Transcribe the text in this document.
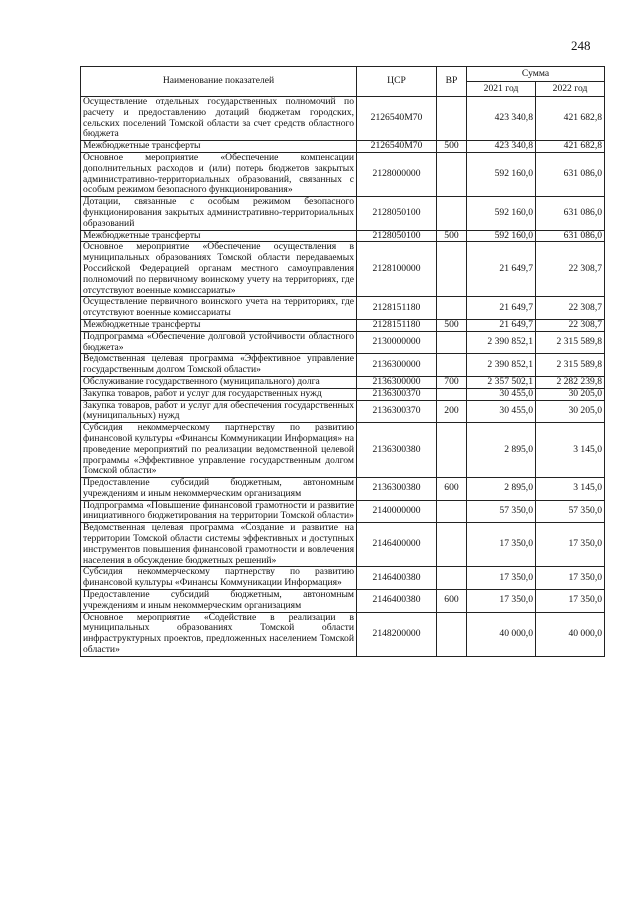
248
Наименование показателей	ЦСР	ВР	Сумма	
			2021 год	2022 год
Осуществление отдельных государственных полномочий по расчету и предоставлению дотаций бюджетам городских, сельских поселений Томской области за счет средств областного бюджета	2126540М70		423 340,8	421 682,8
Межбюджетные трансферты	2126540М70	500	423 340,8	421 682,8
Основное мероприятие «Обеспечение компенсации дополнительных расходов и (или) потерь бюджетов закрытых административно-территориальных образований, связанных с особым режимом безопасного функционирования»	2128000000		592 160,0	631 086,0
Дотации, связанные с особым режимом безопасного функционирования закрытых административно-территориальных образований	2128050100		592 160,0	631 086,0
Межбюджетные трансферты	2128050100	500	592 160,0	631 086,0
Основное мероприятие «Обеспечение осуществления в муниципальных образованиях Томской области передаваемых Российской Федерацией органам местного самоуправления полномочий по первичному воинскому учету на территориях, где отсутствуют военные комиссариаты»	2128100000		21 649,7	22 308,7
Осуществление первичного воинского учета на территориях, где отсутствуют военные комиссариаты	2128151180		21 649,7	22 308,7
Межбюджетные трансферты	2128151180	500	21 649,7	22 308,7
Подпрограмма «Обеспечение долговой устойчивости областного бюджета»	2130000000		2 390 852,1	2 315 589,8
Ведомственная целевая программа «Эффективное управление государственным долгом Томской области»	2136300000		2 390 852,1	2 315 589,8
Обслуживание государственного (муниципального) долга	2136300000	700	2 357 502,1	2 282 239,8
Закупка товаров, работ и услуг для государственных нужд	2136300370		30 455,0	30 205,0
Закупка товаров, работ и услуг для обеспечения государственных (муниципальных) нужд	2136300370	200	30 455,0	30 205,0
Субсидия некоммерческому партнерству по развитию финансовой культуры «Финансы Коммуникации Информация» на проведение мероприятий по реализации ведомственной целевой программы «Эффективное управление государственным долгом Томской области»	2136300380		2 895,0	3 145,0
Предоставление субсидий бюджетным, автономным учреждениям и иным некоммерческим организациям	2136300380	600	2 895,0	3 145,0
Подпрограмма «Повышение финансовой грамотности и развитие инициативного бюджетирования на территории Томской области»	2140000000		57 350,0	57 350,0
Ведомственная целевая программа «Создание и развитие на территории Томской области системы эффективных и доступных инструментов повышения финансовой грамотности и вовлечения населения в обсуждение бюджетных решений»	2146400000		17 350,0	17 350,0
Субсидия некоммерческому партнерству по развитию финансовой культуры «Финансы Коммуникации Информация»	2146400380		17 350,0	17 350,0
Предоставление субсидий бюджетным, автономным учреждениям и иным некоммерческим организациям	2146400380	600	17 350,0	17 350,0
Основное мероприятие «Содействие в реализации в муниципальных образованиях Томской области инфраструктурных проектов, предложенных населением Томской области»	2148200000		40 000,0	40 000,0
